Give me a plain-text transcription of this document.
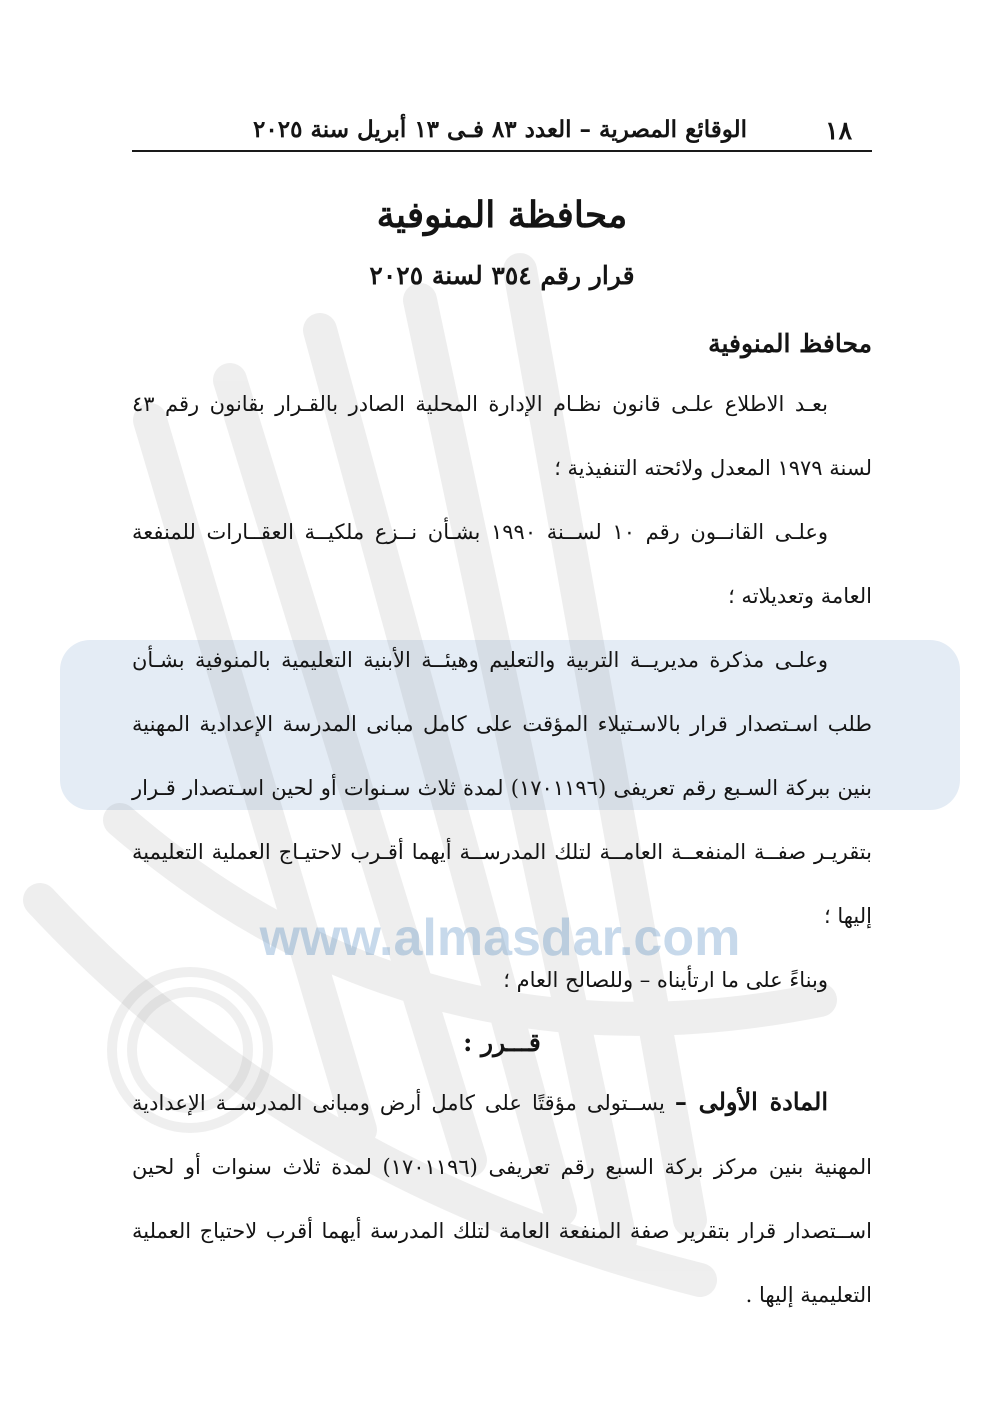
www.almasdar.com
١٨
الوقائع المصرية – العدد ٨٣ فـى ١٣ أبريل سنة ٢٠٢٥
محافظة المنوفية
قرار رقم ٣٥٤ لسنة ٢٠٢٥
محافظ المنوفية

بعـد الاطلاع علـى قانون نظـام الإدارة المحلية الصادر بالقـرار بقانون رقم ٤٣ لسنة ١٩٧٩ المعدل ولائحته التنفيذية ؛

وعلـى القانــون رقم ١٠ لســنة ١٩٩٠ بشـأن نــزع ملكيــة العقــارات للمنفعة العامة وتعديلاته ؛

وعلـى مذكرة مديريــة التربية والتعليم وهيئــة الأبنية التعليمية بالمنوفية بشـأن طلب اسـتصدار قرار بالاسـتيلاء المؤقت على كامل مبانى المدرسة الإعدادية المهنية بنين ببركة السـبع رقم تعريفى (١٧٠١١٩٦) لمدة ثلاث سـنوات أو لحين اسـتصدار قـرار بتقريـر صفــة المنفعــة العامــة لتلك المدرســة أيهما أقـرب لاحتيـاج العملية التعليمية إليها ؛

وبناءً على ما ارتأيناه – وللصالح العام ؛

قـــرر :

المادة الأولى – يســتولى مؤقتًا على كامل أرض ومبانى المدرســة الإعدادية المهنية بنين مركز بركة السبع رقم تعريفى (١٧٠١١٩٦) لمدة ثلاث سنوات أو لحين اســتصدار قرار بتقرير صفة المنفعة العامة لتلك المدرسة أيهما أقرب لاحتياج العملية التعليمية إليها .
